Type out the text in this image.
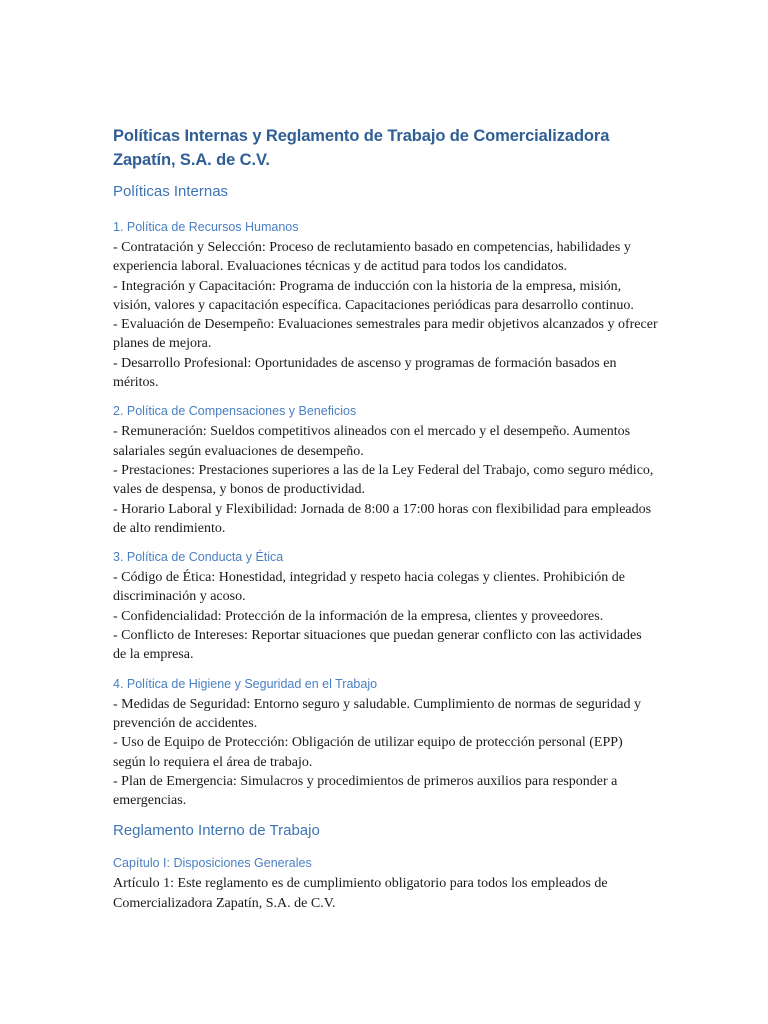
Políticas Internas y Reglamento de Trabajo de Comercializadora Zapatín, S.A. de C.V.
Políticas Internas
1. Política de Recursos Humanos

- Contratación y Selección: Proceso de reclutamiento basado en competencias, habilidades y experiencia laboral. Evaluaciones técnicas y de actitud para todos los candidatos.

- Integración y Capacitación: Programa de inducción con la historia de la empresa, misión, visión, valores y capacitación específica. Capacitaciones periódicas para desarrollo continuo.

- Evaluación de Desempeño: Evaluaciones semestrales para medir objetivos alcanzados y ofrecer planes de mejora.

- Desarrollo Profesional: Oportunidades de ascenso y programas de formación basados en méritos.

2. Política de Compensaciones y Beneficios

- Remuneración: Sueldos competitivos alineados con el mercado y el desempeño. Aumentos salariales según evaluaciones de desempeño.

- Prestaciones: Prestaciones superiores a las de la Ley Federal del Trabajo, como seguro médico, vales de despensa, y bonos de productividad.

- Horario Laboral y Flexibilidad: Jornada de 8:00 a 17:00 horas con flexibilidad para empleados de alto rendimiento.

3. Política de Conducta y Ética

- Código de Ética: Honestidad, integridad y respeto hacia colegas y clientes. Prohibición de discriminación y acoso.

- Confidencialidad: Protección de la información de la empresa, clientes y proveedores.

- Conflicto de Intereses: Reportar situaciones que puedan generar conflicto con las actividades de la empresa.

4. Política de Higiene y Seguridad en el Trabajo

- Medidas de Seguridad: Entorno seguro y saludable. Cumplimiento de normas de seguridad y prevención de accidentes.

- Uso de Equipo de Protección: Obligación de utilizar equipo de protección personal (EPP) según lo requiera el área de trabajo.

- Plan de Emergencia: Simulacros y procedimientos de primeros auxilios para responder a emergencias.

Reglamento Interno de Trabajo
Capítulo I: Disposiciones Generales

Artículo 1: Este reglamento es de cumplimiento obligatorio para todos los empleados de Comercializadora Zapatín, S.A. de C.V.
